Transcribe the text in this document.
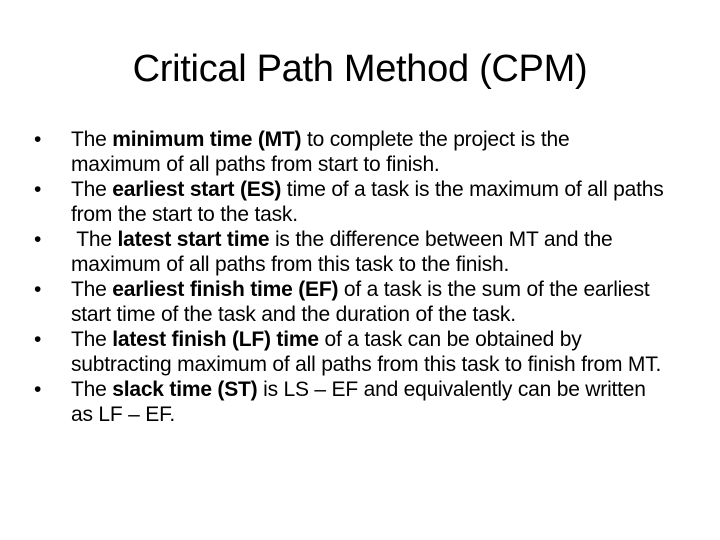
Critical Path Method (CPM)
•	The minimum time (MT) to complete the project is the maximum of all paths from start to finish.
•	The earliest start (ES) time of a task is the maximum of all paths from the start to the task.
•	The latest start time is the difference between MT and the maximum of all paths from this task to the finish.
•	The earliest finish time (EF) of a task is the sum of the earliest start time of the task and the duration of the task.
•	The latest finish (LF) time of a task can be obtained by subtracting maximum of all paths from this task to finish from MT.
•	The slack time (ST) is LS – EF and equivalently can be written as LF – EF.
